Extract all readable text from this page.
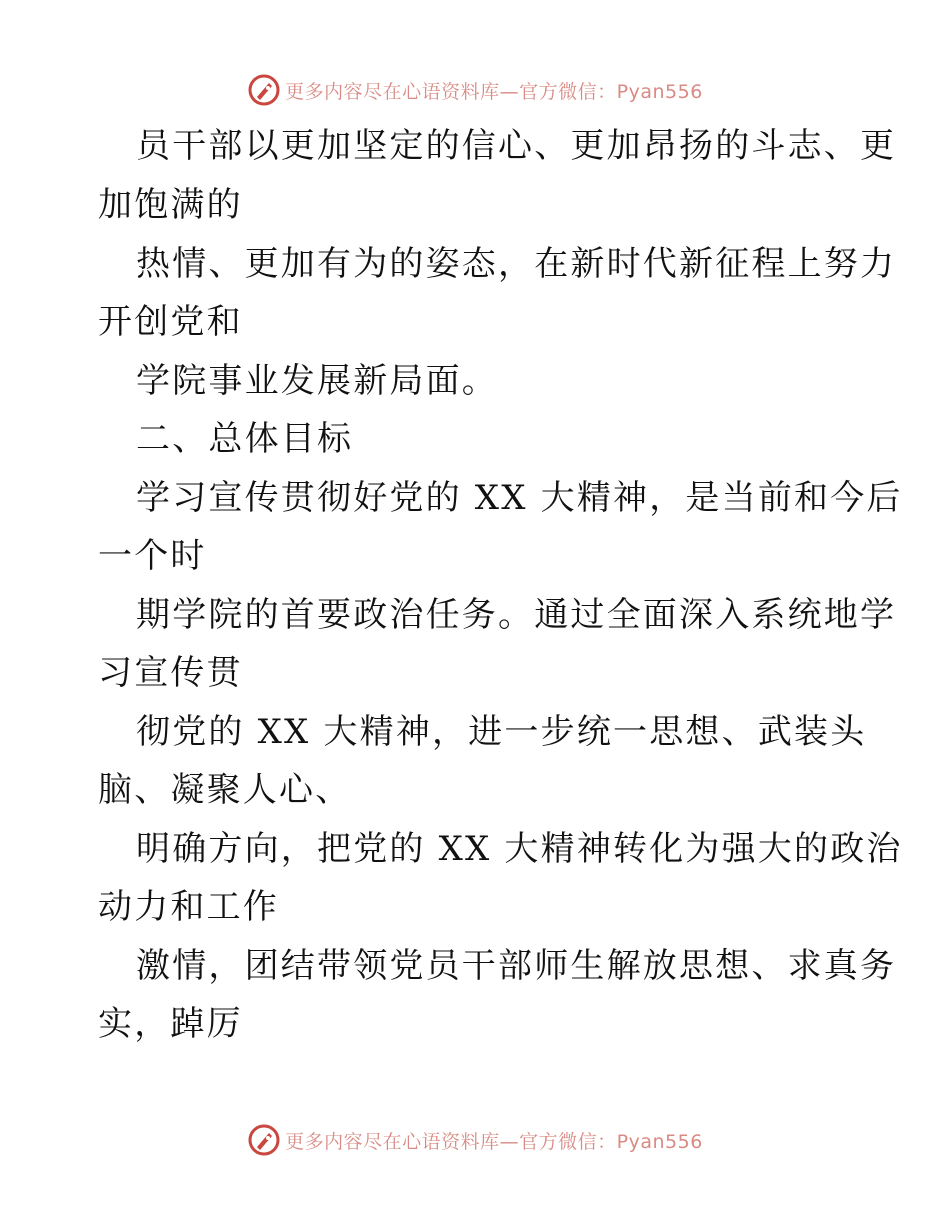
更多内容尽在心语资料库—官方微信：Pyan556
员干部以更加坚定的信心、更加昂扬的斗志、更
加饱满的
热情、更加有为的姿态，在新时代新征程上努力
开创党和
学院事业发展新局面。
二、总体目标
学习宣传贯彻好党的 XX 大精神，是当前和今后
一个时
期学院的首要政治任务。通过全面深入系统地学
习宣传贯
彻党的 XX 大精神，进一步统一思想、武装头
脑、凝聚人心、
明确方向，把党的 XX 大精神转化为强大的政治
动力和工作
激情，团结带领党员干部师生解放思想、求真务
实，踔厉
更多内容尽在心语资料库—官方微信：Pyan556
